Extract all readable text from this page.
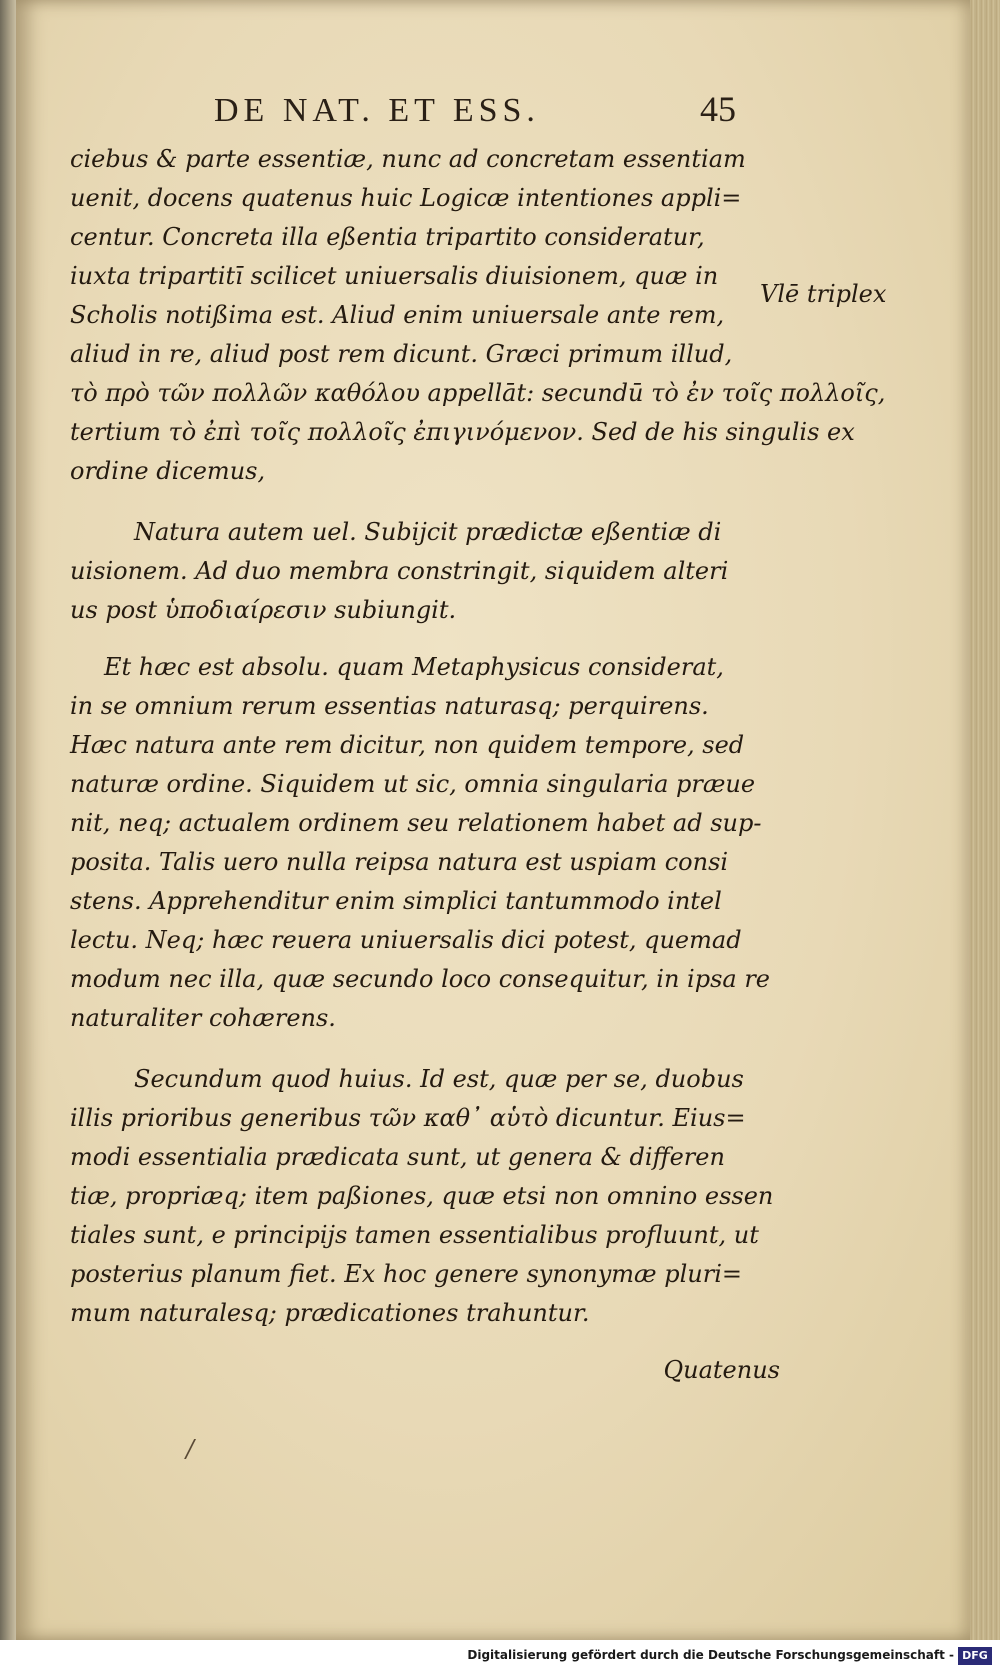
DE NAT. ET ESS.	45
Vlē triplex
ciebus & parte essentiæ, nunc ad concretam essentiam
uenit, docens quatenus huic Logicæ intentiones appli=
centur. Concreta illa eßentia tripartito consideratur,
iuxta tripartitī scilicet uniuersalis diuisionem, quæ in
Scholis notißima est. Aliud enim uniuersale ante rem,
aliud in re, aliud post rem dicunt. Græci primum illud,
τὸ πρὸ τῶν πολλῶν καθόλου appellāt: secundū τὸ ἐν τοῖς πολλοῖς,
tertium τὸ ἐπὶ τοῖς πολλοῖς ἐπιγινόμενον. Sed de his singulis ex
ordine dicemus,
Natura autem uel. Subijcit prædictæ eßentiæ di
uisionem. Ad duo membra constringit, siquidem alteri
us post ὑποδιαίρεσιν subiungit.
Et hæc est absolu. quam Metaphysicus considerat,
in se omnium rerum essentias naturasq; perquirens.
Hæc natura ante rem dicitur, non quidem tempore, sed
naturæ ordine. Siquidem ut sic, omnia singularia præue
nit, neq; actualem ordinem seu relationem habet ad sup-
posita. Talis uero nulla reipsa natura est uspiam consi
stens. Apprehenditur enim simplici tantummodo intel
lectu. Neq; hæc reuera uniuersalis dici potest, quemad
modum nec illa, quæ secundo loco consequitur, in ipsa re
naturaliter cohærens.
Secundum quod huius. Id est, quæ per se, duobus
illis prioribus generibus τῶν καθ᾽ αὑτὸ dicuntur. Eius=
modi essentialia prædicata sunt, ut genera & differen
tiæ, propriæq; item paßiones, quæ etsi non omnino essen
tiales sunt, e principijs tamen essentialibus profluunt, ut
posterius planum fiet. Ex hoc genere synonymæ pluri=
mum naturalesq; prædicationes trahuntur.
Quatenus
/
Digitalisierung gefördert durch die Deutsche Forschungsgemeinschaft - DFG
